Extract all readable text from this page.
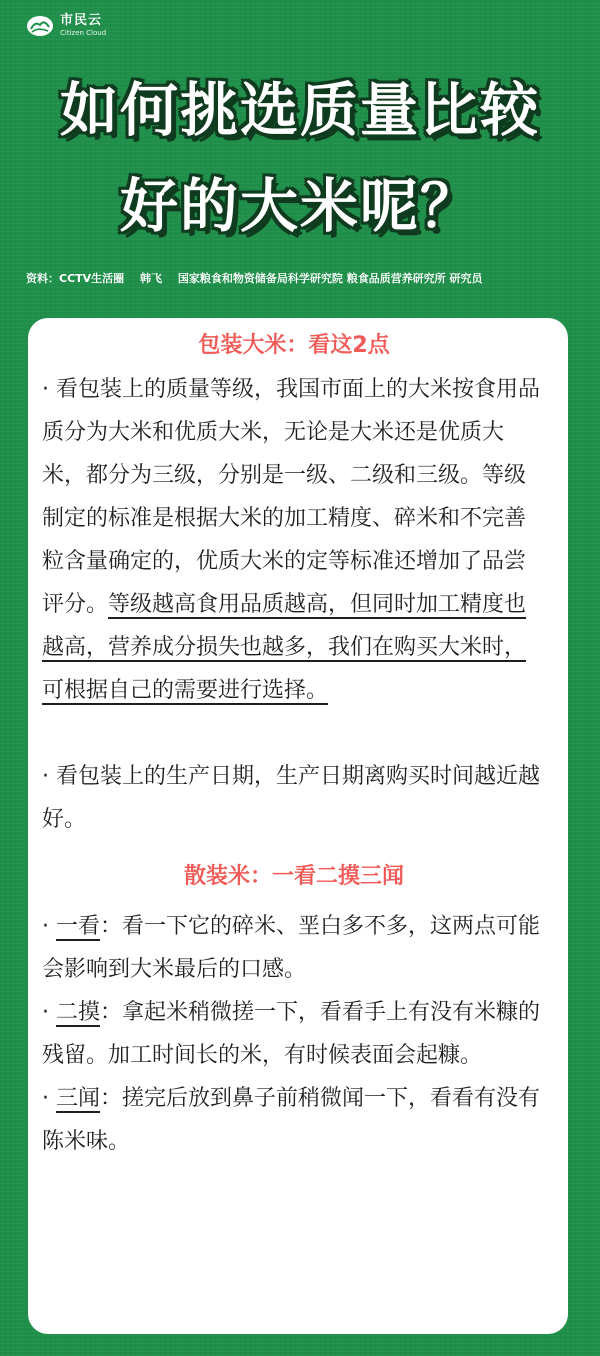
市民云
Citizen Cloud
如何挑选质量比较
好的大米呢？
资料：CCTV生活圈 韩飞 国家粮食和物资储备局科学研究院 粮食品质营养研究所 研究员
包装大米：看这2点

· 看包装上的质量等级，我国市面上的大米按食用品质分为大米和优质大米，无论是大米还是优质大米，都分为三级，分别是一级、二级和三级。等级制定的标准是根据大米的加工精度、碎米和不完善粒含量确定的，优质大米的定等标准还增加了品尝评分。等级越高食用品质越高，但同时加工精度也越高，营养成分损失也越多，我们在购买大米时，可根据自己的需要进行选择。

· 看包装上的生产日期，生产日期离购买时间越近越好。

散装米：一看二摸三闻

· 一看：看一下它的碎米、垩白多不多，这两点可能会影响到大米最后的口感。

· 二摸：拿起米稍微搓一下，看看手上有没有米糠的残留。加工时间长的米，有时候表面会起糠。

· 三闻：搓完后放到鼻子前稍微闻一下，看看有没有陈米味。
